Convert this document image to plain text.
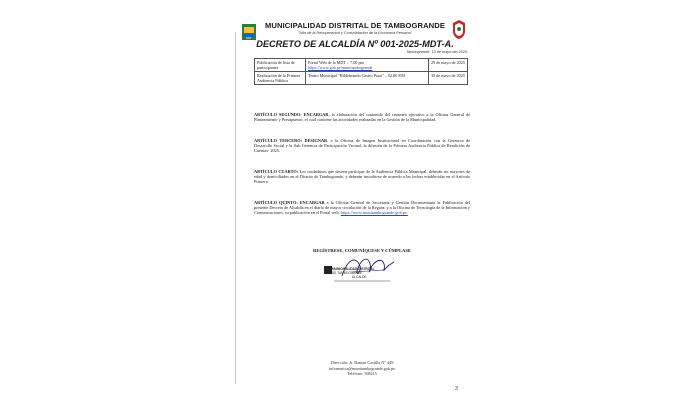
MDT
MUNICIPALIDAD DISTRITAL DE TAMBOGRANDE
"Año de la Recuperación y Consolidación de la Economía Peruana"
DECRETO DE ALCALDÍA Nº 001-2025-MDT-A.
Tambogrande, 13 de mayo del 2025.
Publicación de lista de participantes	Portal Web de la MDT – 7.00 pm
https://www.gob.pe/munitambogrande	29 de mayo de 2025
Realización de la Primera Audiencia Pública	Teatro Municipal "Hildebrando Castro Pozo" – 02.00 P.M	30 de mayo de 2025
ARTÍCULO SEGUNDO: ENCARGAR, la elaboración del contenido del resumen ejecutivo a la Oficina General de Planeamiento y Presupuesto, el cual contiene las actividades realizadas en la Gestión de la Municipalidad.
ARTÍCULO TERCERO: DESIGNAR, a la Oficina de Imagen Institucional en Coordinación con la Gerencia de Desarrollo Social y la Sub Gerencia de Participación Vecinal, la difusión de la Primera Audiencia Pública de Rendición de Cuentas- 2025.
ARTÍCULO CUARTO: Los ciudadanos que deseen participar de la Audiencia Pública Municipal, deberán ser mayores de edad y domiciliados en el Distrito de Tambogrande, y deberán inscribirse de acuerdo a las fechas establecidas en el Artículo Primero.
ARTÍCULO QUINTO: ENCARGAR a la Oficina General de Secretaría y Gestión Documentaria la Publicación del presente Decreto de Alcaldía en el diario de mayor circulación de la Región; y a la Oficina de Tecnología de la Información y Comunicaciones, su publicación en el Portal web: https://www.munitambogrande.gob.pe.
REGÍSTRESE, COMUNÍQUESE Y CÚMPLASE
MUNICIPALIDAD DISTRITAL
DE TAMBOGRANDE
ALCALDE
Dirección: Jr. Ramón Castilla N° 449
informatica@munitambogrande.gob.pe
Teléfono: 368415
3
